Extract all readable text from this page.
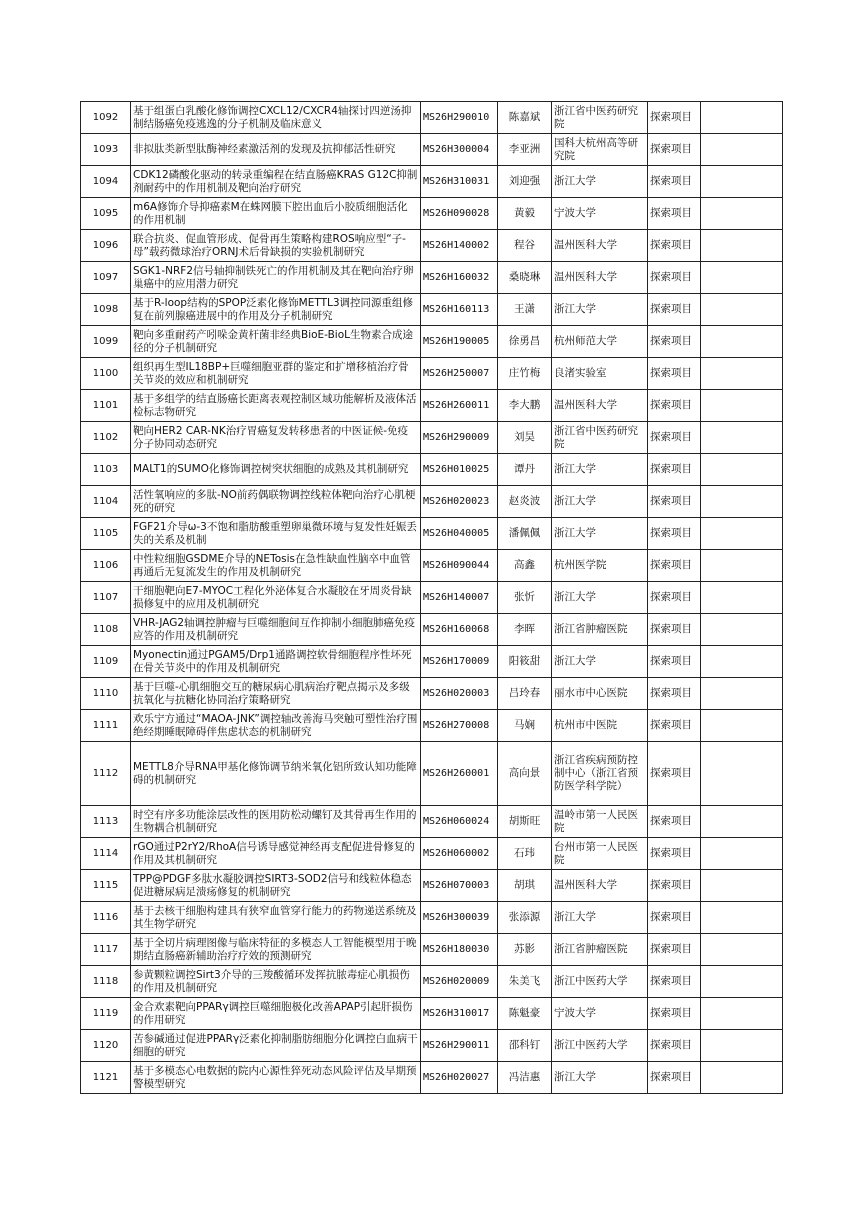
1092	基于组蛋白乳酸化修饰调控CXCL12/CXCR4轴探讨四逆汤抑制结肠癌免疫逃逸的分子机制及临床意义	MS26H290010	陈嘉斌	浙江省中医药研究院	探索项目	
1093	非拟肽类新型肽酶神经素激活剂的发现及抗抑郁活性研究	MS26H300004	李亚洲	国科大杭州高等研究院	探索项目	
1094	CDK12磷酸化驱动的转录重编程在结直肠癌KRAS G12C抑制剂耐药中的作用机制及靶向治疗研究	MS26H310031	刘迎强	浙江大学	探索项目	
1095	m6A修饰介导抑癌素M在蛛网膜下腔出血后小胶质细胞活化的作用机制	MS26H090028	黄毅	宁波大学	探索项目	
1096	联合抗炎、促血管形成、促骨再生策略构建ROS响应型“子-母”载药微球治疗ORNJ术后骨缺损的实验机制研究	MS26H140002	程谷	温州医科大学	探索项目	
1097	SGK1-NRF2信号轴抑制铁死亡的作用机制及其在靶向治疗卵巢癌中的应用潜力研究	MS26H160032	桑晓琳	温州医科大学	探索项目	
1098	基于R-loop结构的SPOP泛素化修饰METTL3调控同源重组修复在前列腺癌进展中的作用及分子机制研究	MS26H160113	王潇	浙江大学	探索项目	
1099	靶向多重耐药产吲哚金黄杆菌非经典BioE-BioL生物素合成途径的分子机制研究	MS26H190005	徐勇昌	杭州师范大学	探索项目	
1100	组织再生型IL18BP+巨噬细胞亚群的鉴定和扩增移植治疗骨关节炎的效应和机制研究	MS26H250007	庄竹梅	良渚实验室	探索项目	
1101	基于多组学的结直肠癌长距离表观控制区域功能解析及液体活检标志物研究	MS26H260011	李大鹏	温州医科大学	探索项目	
1102	靶向HER2 CAR-NK治疗胃癌复发转移患者的中医证候-免疫分子协同动态研究	MS26H290009	刘昊	浙江省中医药研究院	探索项目	
1103	MALT1的SUMO化修饰调控树突状细胞的成熟及其机制研究	MS26H010025	谭丹	浙江大学	探索项目	
1104	活性氧响应的多肽-NO前药偶联物调控线粒体靶向治疗心肌梗死的研究	MS26H020023	赵炎波	浙江大学	探索项目	
1105	FGF21介导ω-3不饱和脂肪酸重塑卵巢微环境与复发性妊娠丢失的关系及机制	MS26H040005	潘佩佩	浙江大学	探索项目	
1106	中性粒细胞GSDME介导的NETosis在急性缺血性脑卒中血管再通后无复流发生的作用及机制研究	MS26H090044	高鑫	杭州医学院	探索项目	
1107	干细胞靶向E7-MYOC工程化外泌体复合水凝胶在牙周炎骨缺损修复中的应用及机制研究	MS26H140007	张忻	浙江大学	探索项目	
1108	VHR-JAG2轴调控肿瘤与巨噬细胞间互作抑制小细胞肺癌免疫应答的作用及机制研究	MS26H160068	李晖	浙江省肿瘤医院	探索项目	
1109	Myonectin通过PGAM5/Drp1通路调控软骨细胞程序性坏死在骨关节炎中的作用及机制研究	MS26H170009	阳筱甜	浙江大学	探索项目	
1110	基于巨噬-心肌细胞交互的糖尿病心肌病治疗靶点揭示及多级抗氧化与抗糖化协同治疗策略研究	MS26H020003	吕玲春	丽水市中心医院	探索项目	
1111	欢乐宁方通过“MAOA-JNK”调控轴改善海马突触可塑性治疗围绝经期睡眠障碍伴焦虑状态的机制研究	MS26H270008	马娴	杭州市中医院	探索项目	
1112	METTL8介导RNA甲基化修饰调节纳米氧化铝所致认知功能障碍的机制研究	MS26H260001	高向景	浙江省疾病预防控制中心（浙江省预防医学科学院）	探索项目	
1113	时空有序多功能涂层改性的医用防松动螺钉及其骨再生作用的生物耦合机制研究	MS26H060024	胡斯旺	温岭市第一人民医院	探索项目	
1114	rGO通过P2rY2/RhoA信号诱导感觉神经再支配促进骨修复的作用及其机制研究	MS26H060002	石玮	台州市第一人民医院	探索项目	
1115	TPP@PDGF多肽水凝胶调控SIRT3-SOD2信号和线粒体稳态促进糖尿病足溃疡修复的机制研究	MS26H070003	胡琪	温州医科大学	探索项目	
1116	基于去核干细胞构建具有狭窄血管穿行能力的药物递送系统及其生物学研究	MS26H300039	张添源	浙江大学	探索项目	
1117	基于全切片病理图像与临床特征的多模态人工智能模型用于晚期结直肠癌新辅助治疗疗效的预测研究	MS26H180030	苏影	浙江省肿瘤医院	探索项目	
1118	参黄颗粒调控Sirt3介导的三羧酸循环发挥抗脓毒症心肌损伤的作用及机制研究	MS26H020009	朱美飞	浙江中医药大学	探索项目	
1119	金合欢素靶向PPARγ调控巨噬细胞极化改善APAP引起肝损伤的作用研究	MS26H310017	陈魁豪	宁波大学	探索项目	
1120	苦参碱通过促进PPARγ泛素化抑制脂肪细胞分化调控白血病干细胞的研究	MS26H290011	邵科钉	浙江中医药大学	探索项目	
1121	基于多模态心电数据的院内心源性猝死动态风险评估及早期预警模型研究	MS26H020027	冯洁惠	浙江大学	探索项目	
